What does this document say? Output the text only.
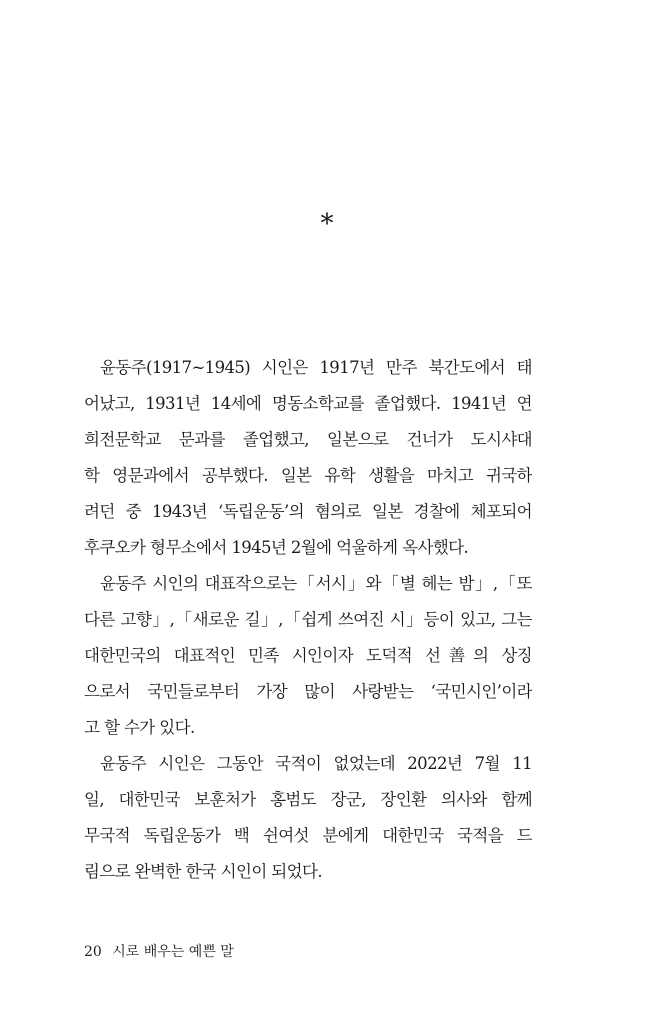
*
윤동주(1917~1945) 시인은 1917년 만주 북간도에서 태
어났고, 1931년 14세에 명동소학교를 졸업했다. 1941년 연
희전문학교 문과를 졸업했고, 일본으로 건너가 도시샤대
학 영문과에서 공부했다. 일본 유학 생활을 마치고 귀국하
려던 중 1943년 ‘독립운동’의 혐의로 일본 경찰에 체포되어
후쿠오카 형무소에서 1945년 2월에 억울하게 옥사했다.
윤동주 시인의 대표작으로는「서시」와「별 헤는 밤」,「또
다른 고향」,「새로운 길」,「쉽게 쓰여진 시」등이 있고, 그는
대한민국의 대표적인 민족 시인이자 도덕적 선善의 상징
으로서 국민들로부터 가장 많이 사랑받는 ‘국민시인’이라
고 할 수가 있다.
윤동주 시인은 그동안 국적이 없었는데 2022년 7월 11
일, 대한민국 보훈처가 홍범도 장군, 장인환 의사와 함께
무국적 독립운동가 백 쉰여섯 분에게 대한민국 국적을 드
림으로 완벽한 한국 시인이 되었다.
20 시로 배우는 예쁜 말
